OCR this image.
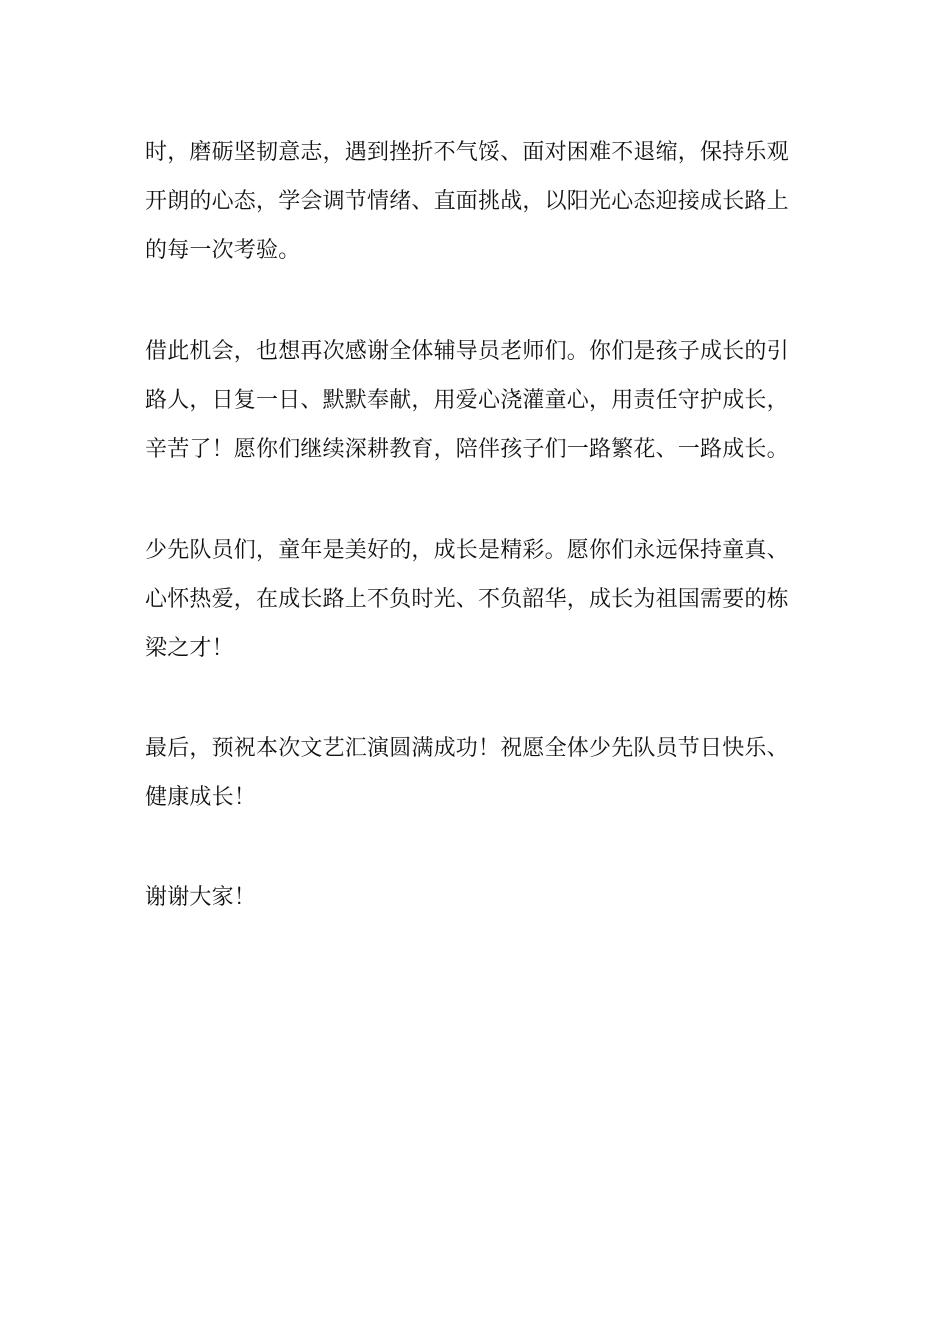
时，磨砺坚韧意志，遇到挫折不气馁、面对困难不退缩，保持乐观
开朗的心态，学会调节情绪、直面挑战，以阳光心态迎接成长路上
的每一次考验。

借此机会，也想再次感谢全体辅导员老师们。你们是孩子成长的引
路人，日复一日、默默奉献，用爱心浇灌童心，用责任守护成长，
辛苦了！愿你们继续深耕教育，陪伴孩子们一路繁花、一路成长。

少先队员们，童年是美好的，成长是精彩。愿你们永远保持童真、
心怀热爱，在成长路上不负时光、不负韶华，成长为祖国需要的栋
梁之才！

最后，预祝本次文艺汇演圆满成功！祝愿全体少先队员节日快乐、
健康成长！

谢谢大家！
